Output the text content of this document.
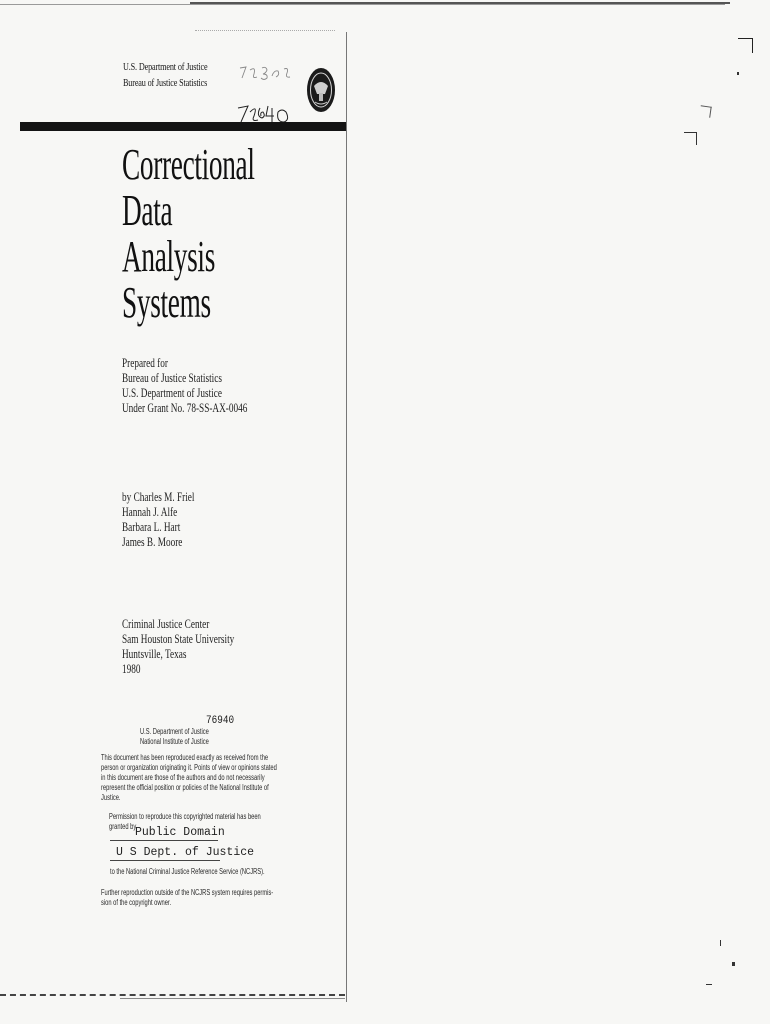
U.S. Department of Justice
Bureau of Justice Statistics
Correctional
Data
Analysis
Systems
Prepared for
Bureau of Justice Statistics
U.S. Department of Justice
Under Grant No. 78-SS-AX-0046
by Charles M. Friel
Hannah J. Alfe
Barbara L. Hart
James B. Moore
Criminal Justice Center
Sam Houston State University
Huntsville, Texas
1980
76940
U.S. Department of Justice
National Institute of Justice
This document has been reproduced exactly as received from the
person or organization originating it. Points of view or opinions stated
in this document are those of the authors and do not necessarily
represent the official position or policies of the National Institute of
Justice.
Permission to reproduce this copyrighted material has been
granted by
Public Domain
U S Dept. of Justice
to the National Criminal Justice Reference Service (NCJRS).
Further reproduction outside of the NCJRS system requires permis-
sion of the copyright owner.
